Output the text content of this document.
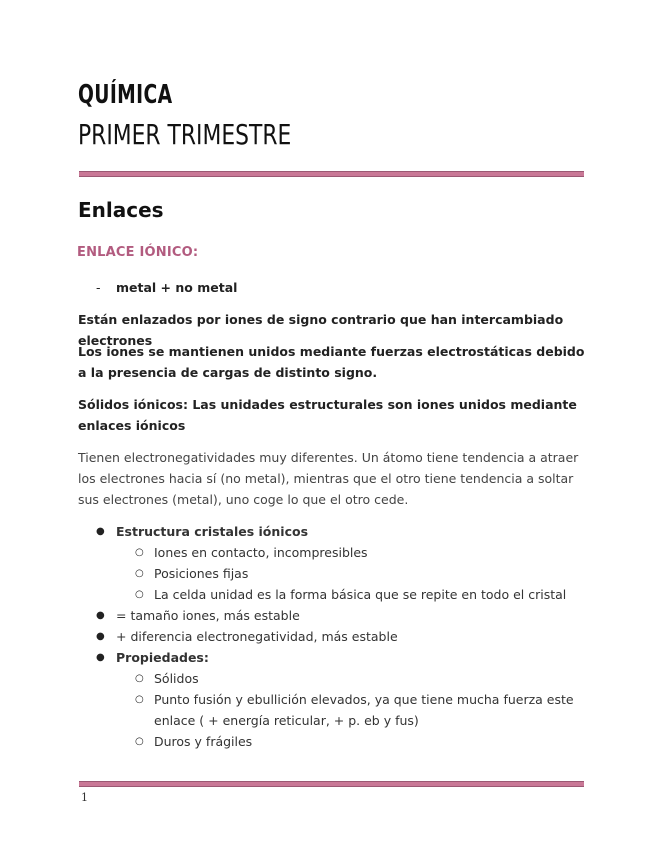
QUÍMICA
PRIMER TRIMESTRE
Enlaces
ENLACE IÓNICO:
- metal + no metal

Están enlazados por iones de signo contrario que han intercambiado electrones

Los iones se mantienen unidos mediante fuerzas electrostáticas debido a la presencia de cargas de distinto signo.

Sólidos iónicos: Las unidades estructurales son iones unidos mediante enlaces iónicos

Tienen electronegatividades muy diferentes. Un átomo tiene tendencia a atraer los electrones hacia sí (no metal), mientras que el otro tiene tendencia a soltar sus electrones (metal), uno coge lo que el otro cede.

● Estructura cristales iónicos
○ Iones en contacto, incompresibles
○ Posiciones fijas
○ La celda unidad es la forma básica que se repite en todo el cristal
● = tamaño iones, más estable
● + diferencia electronegatividad, más estable
● Propiedades:
○ Sólidos
○ Punto fusión y ebullición elevados, ya que tiene mucha fuerza este
enlace ( + energía reticular, + p. eb y fus)
○ Duros y frágiles
1
